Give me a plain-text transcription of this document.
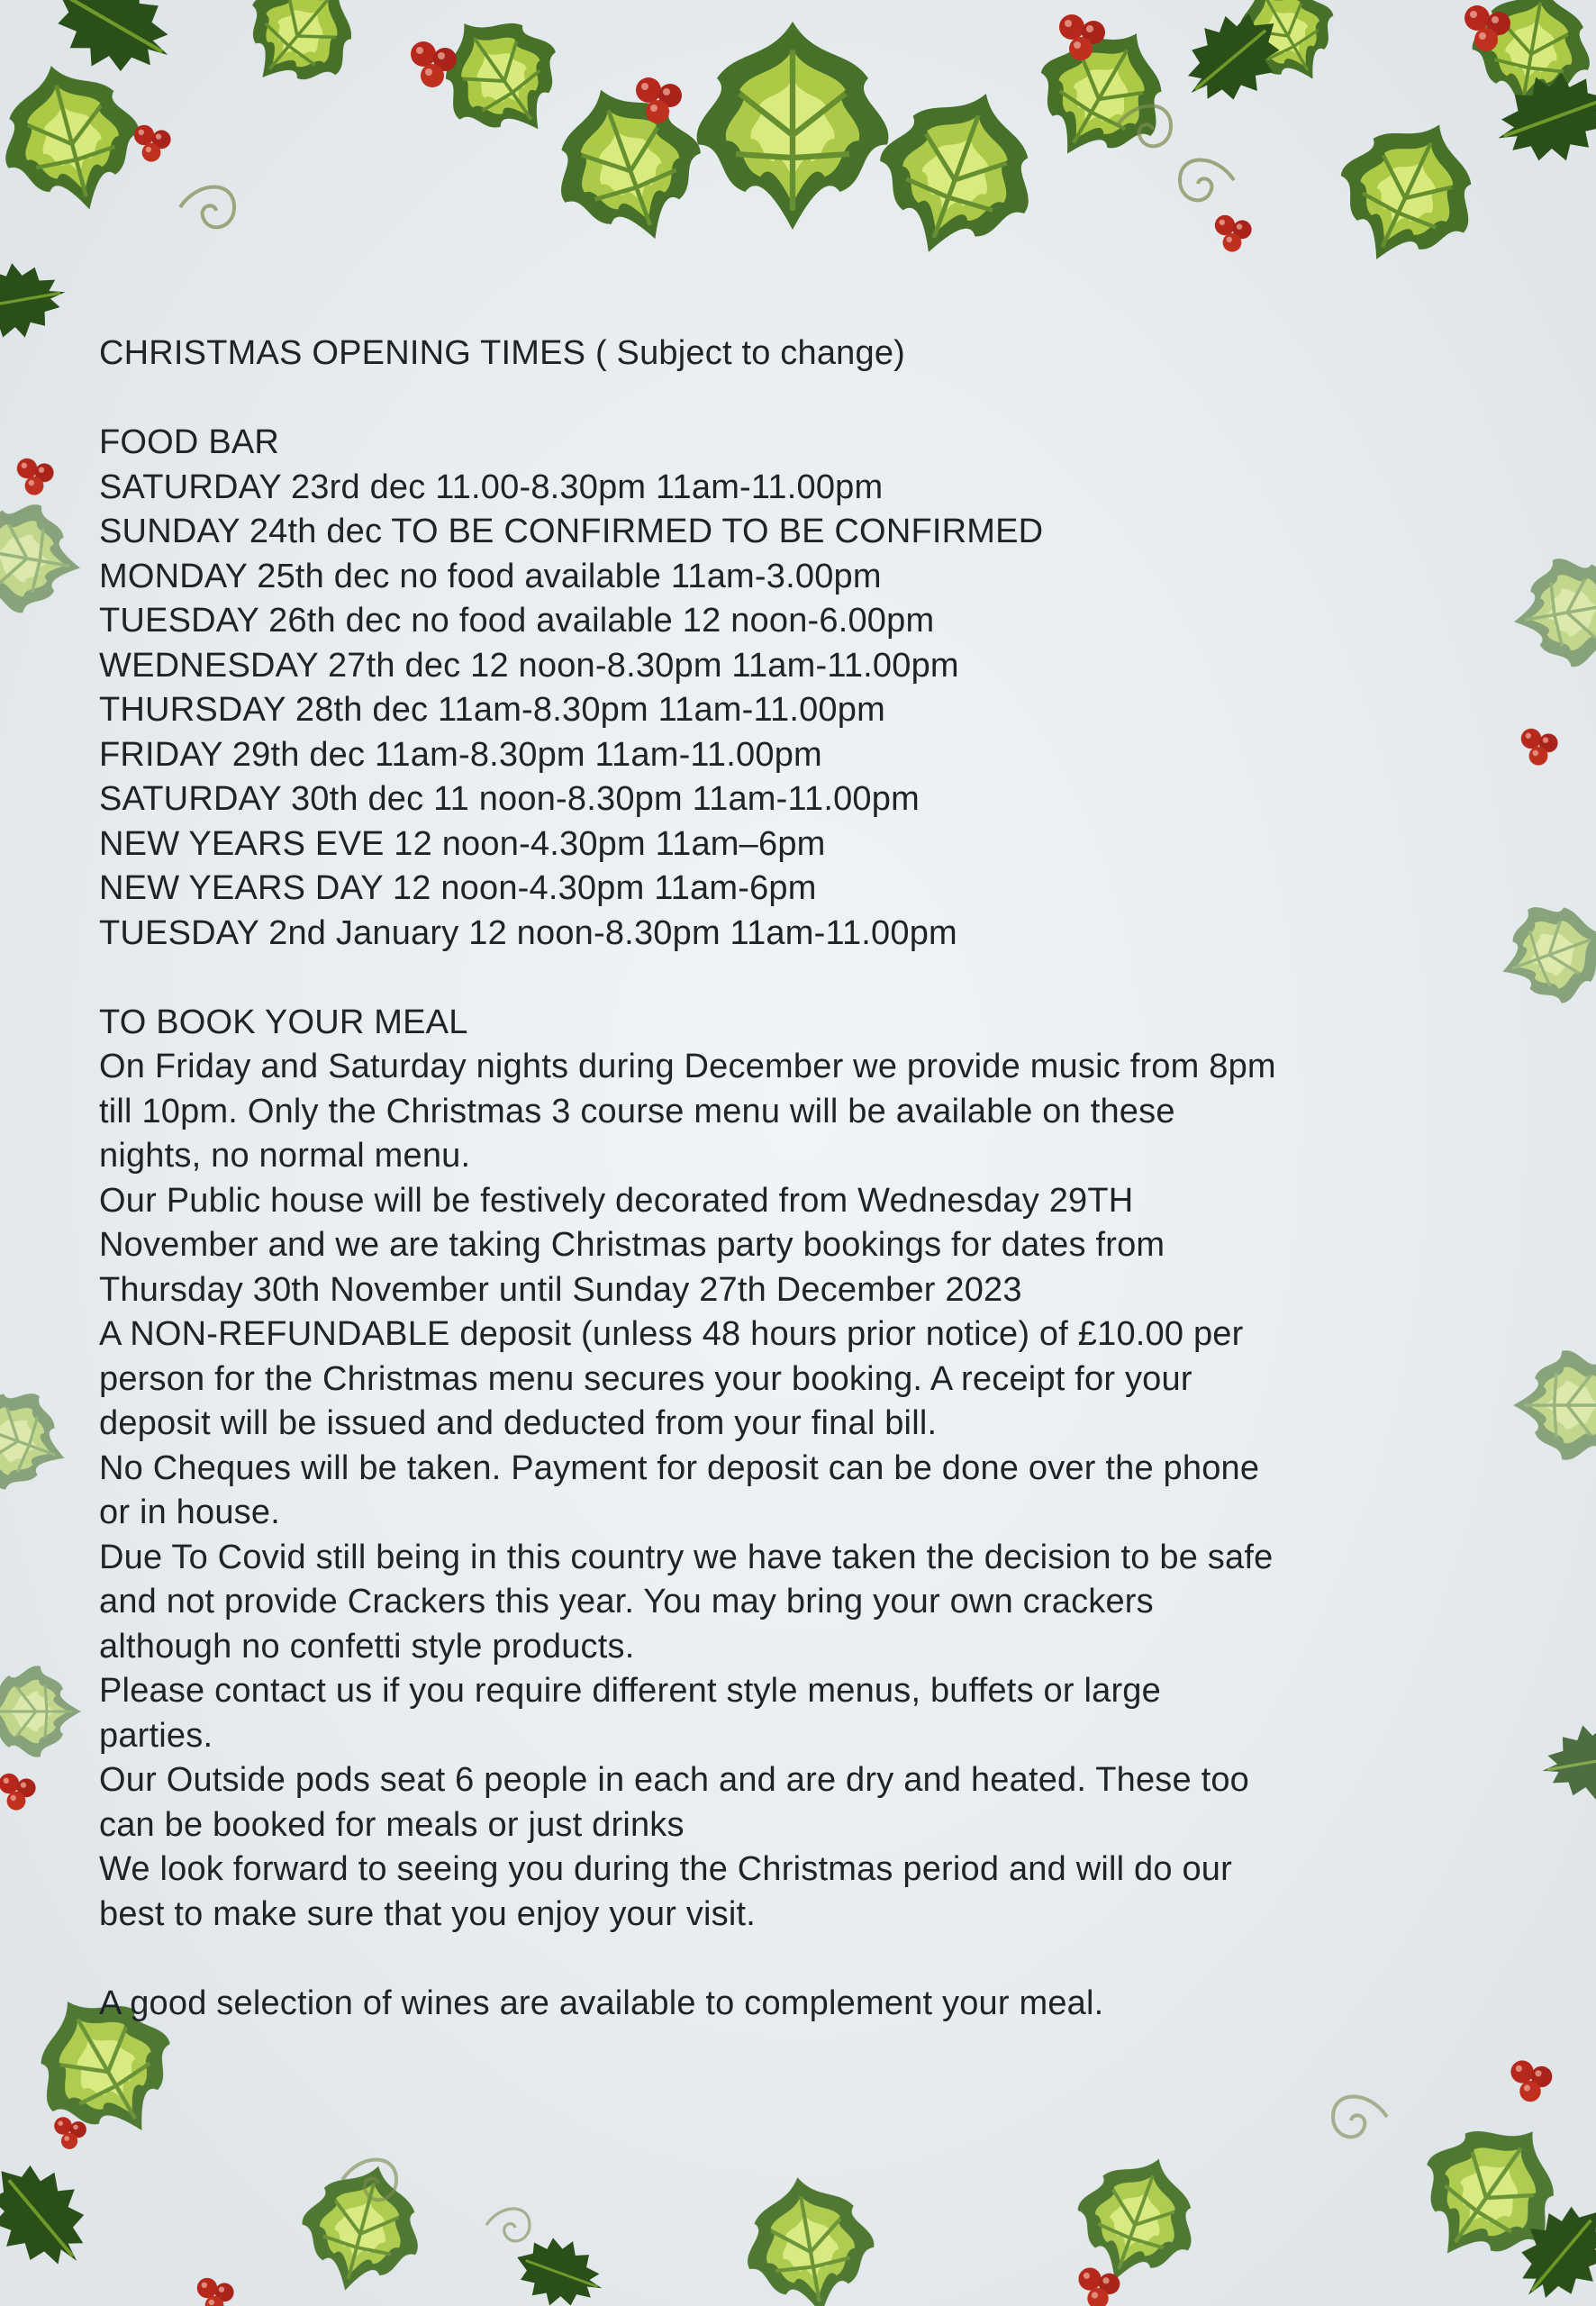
CHRISTMAS OPENING TIMES ( Subject to change)
FOOD BAR
SATURDAY 23rd dec 11.00-8.30pm 11am-11.00pm
SUNDAY 24th dec TO BE CONFIRMED TO BE CONFIRMED
MONDAY 25th dec no food available 11am-3.00pm
TUESDAY 26th dec no food available 12 noon-6.00pm
WEDNESDAY 27th dec 12 noon-8.30pm 11am-11.00pm
THURSDAY 28th dec 11am-8.30pm 11am-11.00pm
FRIDAY 29th dec 11am-8.30pm 11am-11.00pm
SATURDAY 30th dec 11 noon-8.30pm 11am-11.00pm
NEW YEARS EVE 12 noon-4.30pm 11am–6pm
NEW YEARS DAY 12 noon-4.30pm 11am-6pm
TUESDAY 2nd January 12 noon-8.30pm 11am-11.00pm
TO BOOK YOUR MEAL
On Friday and Saturday nights during December we provide music from 8pm
till 10pm. Only the Christmas 3 course menu will be available on these
nights, no normal menu.
Our Public house will be festively decorated from Wednesday 29TH
November and we are taking Christmas party bookings for dates from
Thursday 30th November until Sunday 27th December 2023
A NON-REFUNDABLE deposit (unless 48 hours prior notice) of £10.00 per
person for the Christmas menu secures your booking. A receipt for your
deposit will be issued and deducted from your final bill.
No Cheques will be taken. Payment for deposit can be done over the phone
or in house.
Due To Covid still being in this country we have taken the decision to be safe
and not provide Crackers this year. You may bring your own crackers
although no confetti style products.
Please contact us if you require different style menus, buffets or large
parties.
Our Outside pods seat 6 people in each and are dry and heated. These too
can be booked for meals or just drinks
We look forward to seeing you during the Christmas period and will do our
best to make sure that you enjoy your visit.
A good selection of wines are available to complement your meal.
